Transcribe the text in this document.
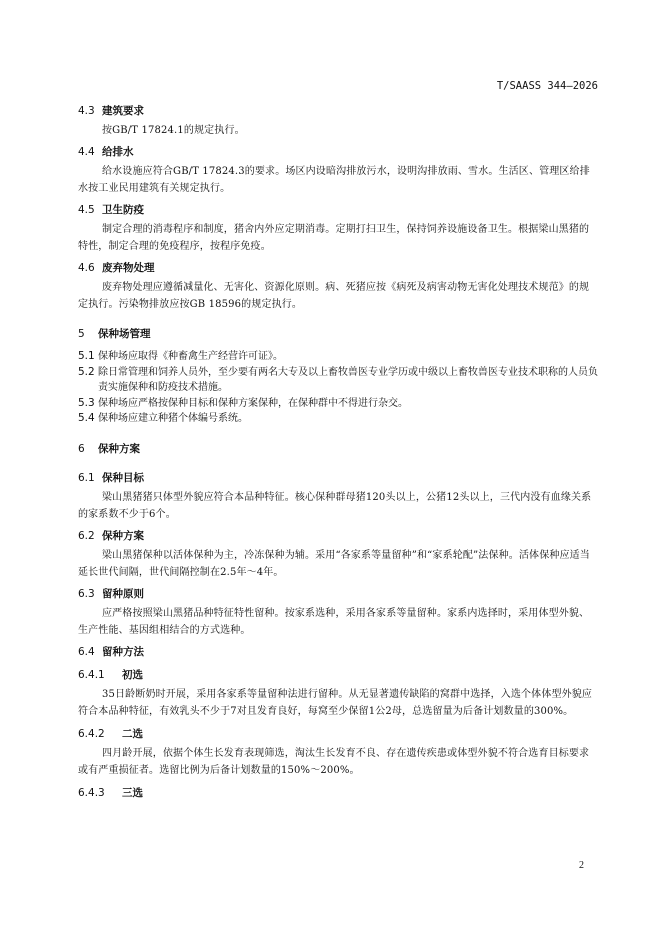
T/SAASS 344—2026
4.3 建筑要求

按GB/T 17824.1的规定执行。

4.4 给排水

给水设施应符合GB/T 17824.3的要求。场区内设暗沟排放污水，设明沟排放雨、雪水。生活区、管理区给排水按工业民用建筑有关规定执行。

4.5 卫生防疫

制定合理的消毒程序和制度，猪舍内外应定期消毒。定期打扫卫生，保持饲养设施设备卫生。根据梁山黑猪的特性，制定合理的免疫程序，按程序免疫。

4.6 废弃物处理

废弃物处理应遵循减量化、无害化、资源化原则。病、死猪应按《病死及病害动物无害化处理技术规范》的规定执行。污染物排放应按GB 18596的规定执行。

5 保种场管理

5.1 保种场应取得《种畜禽生产经营许可证》。

5.2 除日常管理和饲养人员外，至少要有两名大专及以上畜牧兽医专业学历或中级以上畜牧兽医专业技术职称的人员负责实施保种和防疫技术措施。

5.3 保种场应严格按保种目标和保种方案保种，在保种群中不得进行杂交。

5.4 保种场应建立种猪个体编号系统。

6 保种方案
6.1 保种目标

梁山黑猪猪只体型外貌应符合本品种特征。核心保种群母猪120头以上，公猪12头以上，三代内没有血缘关系的家系数不少于6个。

6.2 保种方案

梁山黑猪保种以活体保种为主，冷冻保种为辅。采用“各家系等量留种”和“家系轮配”法保种。活体保种应适当延长世代间隔，世代间隔控制在2.5年～4年。

6.3 留种原则

应严格按照梁山黑猪品种特征特性留种。按家系选种，采用各家系等量留种。家系内选择时，采用体型外貌、生产性能、基因组相结合的方式选种。

6.4 留种方法
6.4.1 初选

35日龄断奶时开展，采用各家系等量留种法进行留种。从无显著遗传缺陷的窝群中选择，入选个体体型外貌应符合本品种特征，有效乳头不少于7对且发育良好，每窝至少保留1公2母，总选留量为后备计划数量的300%。

6.4.2 二选

四月龄开展，依据个体生长发育表现筛选，淘汰生长发育不良、存在遗传疾患或体型外貌不符合选育目标要求或有严重损征者。选留比例为后备计划数量的150%～200%。

6.4.3 三选
2
